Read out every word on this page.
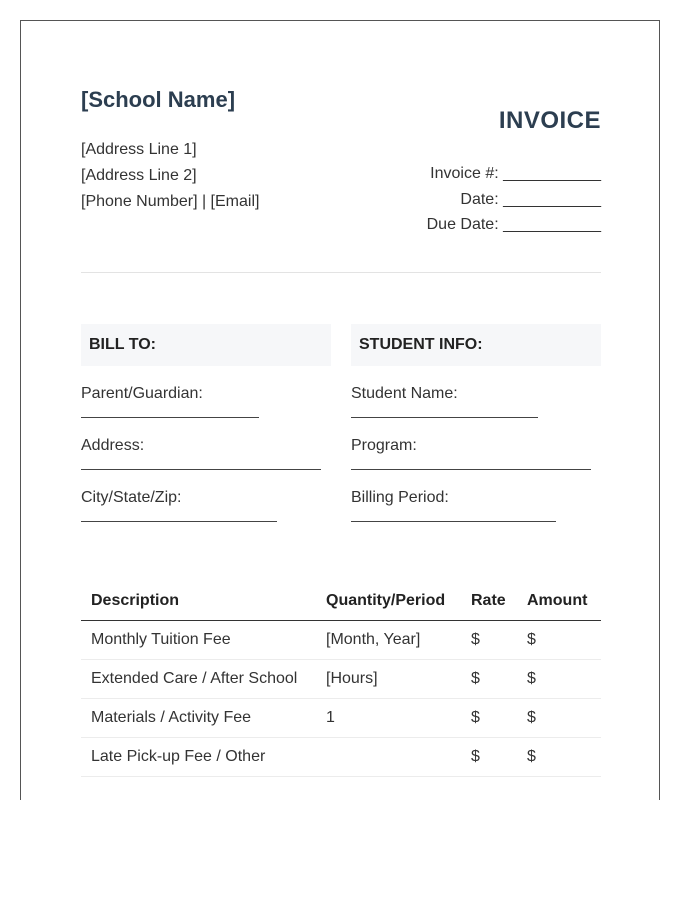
[School Name]
[Address Line 1]
[Address Line 2]
[Phone Number] | [Email]
INVOICE
Invoice #: ___________
Date: ___________
Due Date: ___________
BILL TO:
Parent/Guardian:
Address:
City/State/Zip:
STUDENT INFO:
Student Name:
Program:
Billing Period:
Description	Quantity/Period	Rate	Amount
Monthly Tuition Fee	[Month, Year]	$	$
Extended Care / After School	[Hours]	$	$
Materials / Activity Fee	1	$	$
Late Pick-up Fee / Other		$	$
